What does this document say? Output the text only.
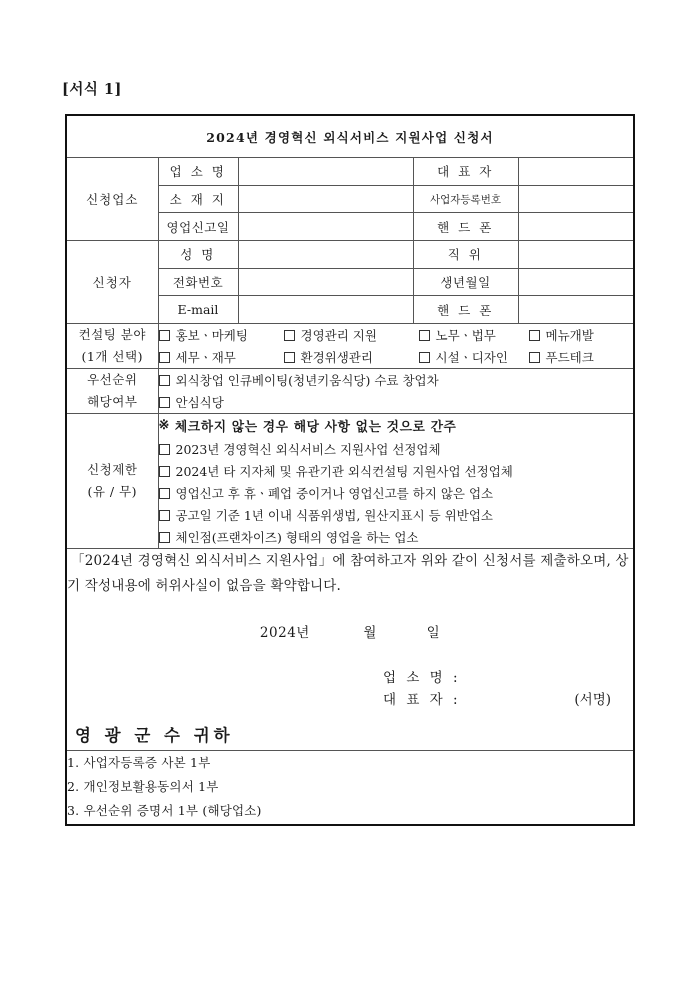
[서식 1]
2024년 경영혁신 외식서비스 지원사업 신청서				
신청업소	업 소 명		대 표 자	
	소 재 지		사업자등록번호	
	영업신고일		핸 드 폰	
신청자	성 명		직 위	
	전화번호		생년월일	
	E-mail		핸 드 폰	

컨설팅 분야
(1개 선택)

홍보ㆍ마케팅	경영관리 지원	노무ㆍ법무	메뉴개발
세무ㆍ재무	환경위생관리	시설ㆍ디자인	푸드테크

우선순위
해당여부

외식창업 인큐베이팅(청년키움식당) 수료 창업차
안심식당

신청제한
(유 / 무)

※ 체크하지 않는 경우 해당 사항 없는 것으로 간주
2023년 경영혁신 외식서비스 지원사업 선정업체
2024년 타 지자체 및 유관기관 외식컨설팅 지원사업 선정업체
영업신고 후 휴ㆍ폐업 중이거나 영업신고를 하지 않은 업소
공고일 기준 1년 이내 식품위생법, 원산지표시 등 위반업소
체인점(프랜차이즈) 형태의 영업을 하는 업소

「2024년 경영혁신 외식서비스 지원사업」에 참여하고자 위와 같이 신청서를 제출하오며, 상기 작성내용에 허위사실이 없음을 확약합니다.
2024년	월	일
업 소 명 :
대 표 자 :	(서명)
영 광 군 수 귀하

1. 사업자등록증 사본 1부
2. 개인정보활용동의서 1부
3. 우선순위 증명서 1부 (해당업소)				
